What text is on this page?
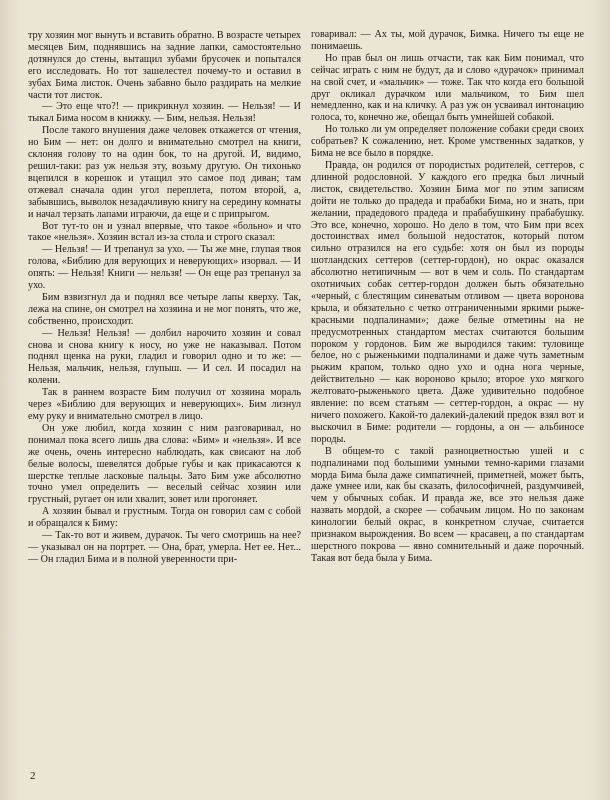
тру хозяин мог вынуть и вставить обратно. В возрасте четырех месяцев Бим, поднявшись на задние лапки, самостоятельно дотянулся до стены, вытащил зубами брусочек и попытался его исследовать. Но тот зашелестел почему-то и оставил в зубах Бима листок. Очень забавно было раздирать на мелкие части тот листок.

— Это еще что?! — прикрикнул хозяин. — Нельзя! — И тыкал Бима носом в книжку. — Бим, нельзя. Нельзя!

После такого внушения даже человек откажется от чтения, но Бим — нет: он долго и внимательно смотрел на книги, склоняя голову то на один бок, то на другой. И, видимо, решил-таки: раз уж нельзя эту, возьму другую. Он тихонько вцепился в корешок и утащил это самое под диван; там отжевал сначала один угол переплета, потом второй, а, забывшись, выволок незадачливую книгу на середину комнаты и начал терзать лапами играючи, да еще и с припрыгом.

Вот тут-то он и узнал впервые, что такое «больно» и что такое «нельзя». Хозяин встал из-за стола и строго сказал:

— Нельзя! — И трепанул за ухо. — Ты же мне, глупая твоя голова, «Библию для верующих и неверующих» изорвал. — И опять: — Нельзя! Книги — нельзя! — Он еще раз трепанул за ухо.

Бим взвизгнул да и поднял все четыре лапы кверху. Так, лежа на спине, он смотрел на хозяина и не мог понять, что же, собственно, происходит.

— Нельзя! Нельзя! — долбил нарочито хозяин и совал снова и снова книгу к носу, но уже не наказывал. Потом поднял щенка на руки, гладил и говорил одно и то же: — Нельзя, мальчик, нельзя, глупыш. — И сел. И посадил на колени.

Так в раннем возрасте Бим получил от хозяина мораль через «Библию для верующих и неверующих». Бим лизнул ему руку и внимательно смотрел в лицо.

Он уже любил, когда хозяин с ним разговаривал, но понимал пока всего лишь два слова: «Бим» и «нельзя». И все же очень, очень интересно наблюдать, как свисают на лоб белые волосы, шевелятся добрые губы и как прикасаются к шерстке теплые ласковые пальцы. Зато Бим уже абсолютно точно умел определить — веселый сейчас хозяин или грустный, ругает он или хвалит, зовет или прогоняет.

А хозяин бывал и грустным. Тогда он говорил сам с собой и обращался к Биму:

— Так-то вот и живем, дурачок. Ты чего смотришь на нее? — указывал он на портрет. — Она, брат, умерла. Нет ее. Нет... — Он гладил Бима и в полной уверенности при-

говаривал: — Ах ты, мой дурачок, Бимка. Ничего ты еще не понимаешь.

Но прав был он лишь отчасти, так как Бим понимал, что сейчас играть с ним не будут, да и слово «дурачок» принимал на свой счет, и «мальчик» — тоже. Так что когда его большой друг окликал дурачком или мальчиком, то Бим шел немедленно, как и на кличку. А раз уж он усваивал интонацию голоса, то, конечно же, обещал быть умнейшей собакой.

Но только ли ум определяет положение собаки среди своих собратьев? К сожалению, нет. Кроме умственных задатков, у Бима не все было в порядке.

Правда, он родился от породистых родителей, сеттеров, с длинной родословной. У каждого его предка был личный листок, свидетельство. Хозяин Бима мог по этим записям дойти не только до прадеда и прабабки Бима, но и знать, при желании, прадедового прадеда и прабабушкину прабабушку. Это все, конечно, хорошо. Но дело в том, что Бим при всех достоинствах имел большой недостаток, который потом сильно отразился на его судьбе: хотя он был из породы шотландских сеттеров (сеттер-гордон), но окрас оказался абсолютно нетипичным — вот в чем и соль. По стандартам охотничьих собак сеттер-гордон должен быть обязательно «черный, с блестящим синеватым отливом — цвета воронова крыла, и обязательно с четко отграниченными яркими рыже-красными подпалинами»; даже белые отметины на не предусмотренных стандартом местах считаются большим пороком у гордонов. Бим же выродился таким: туловище белое, но с рыженькими подпалинами и даже чуть заметным рыжим крапом, только одно ухо и одна нога черные, действительно — как вороново крыло; второе ухо мягкого желтовато-рыженького цвета. Даже удивительно подобное явление: по всем статьям — сеттер-гордон, а окрас — ну ничего похожего. Какой-то далекий-далекий предок взял вот и выскочил в Биме: родители — гордоны, а он — альбиносе породы.

В общем-то с такой разноцветностью ушей и с подпалинами под большими умными темно-карими глазами морда Бима была даже симпатичней, приметней, может быть, даже умнее или, как бы сказать, философичней, раздумчивей, чем у обычных собак. И правда же, все это нельзя даже назвать мордой, а скорее — собачьим лицом. Но по законам кинологии белый окрас, в конкретном случае, считается признаком вырождения. Во всем — красавец, а по стандартам шерстного покрова — явно сомнительный и даже порочный. Такая вот беда была у Бима.

2
